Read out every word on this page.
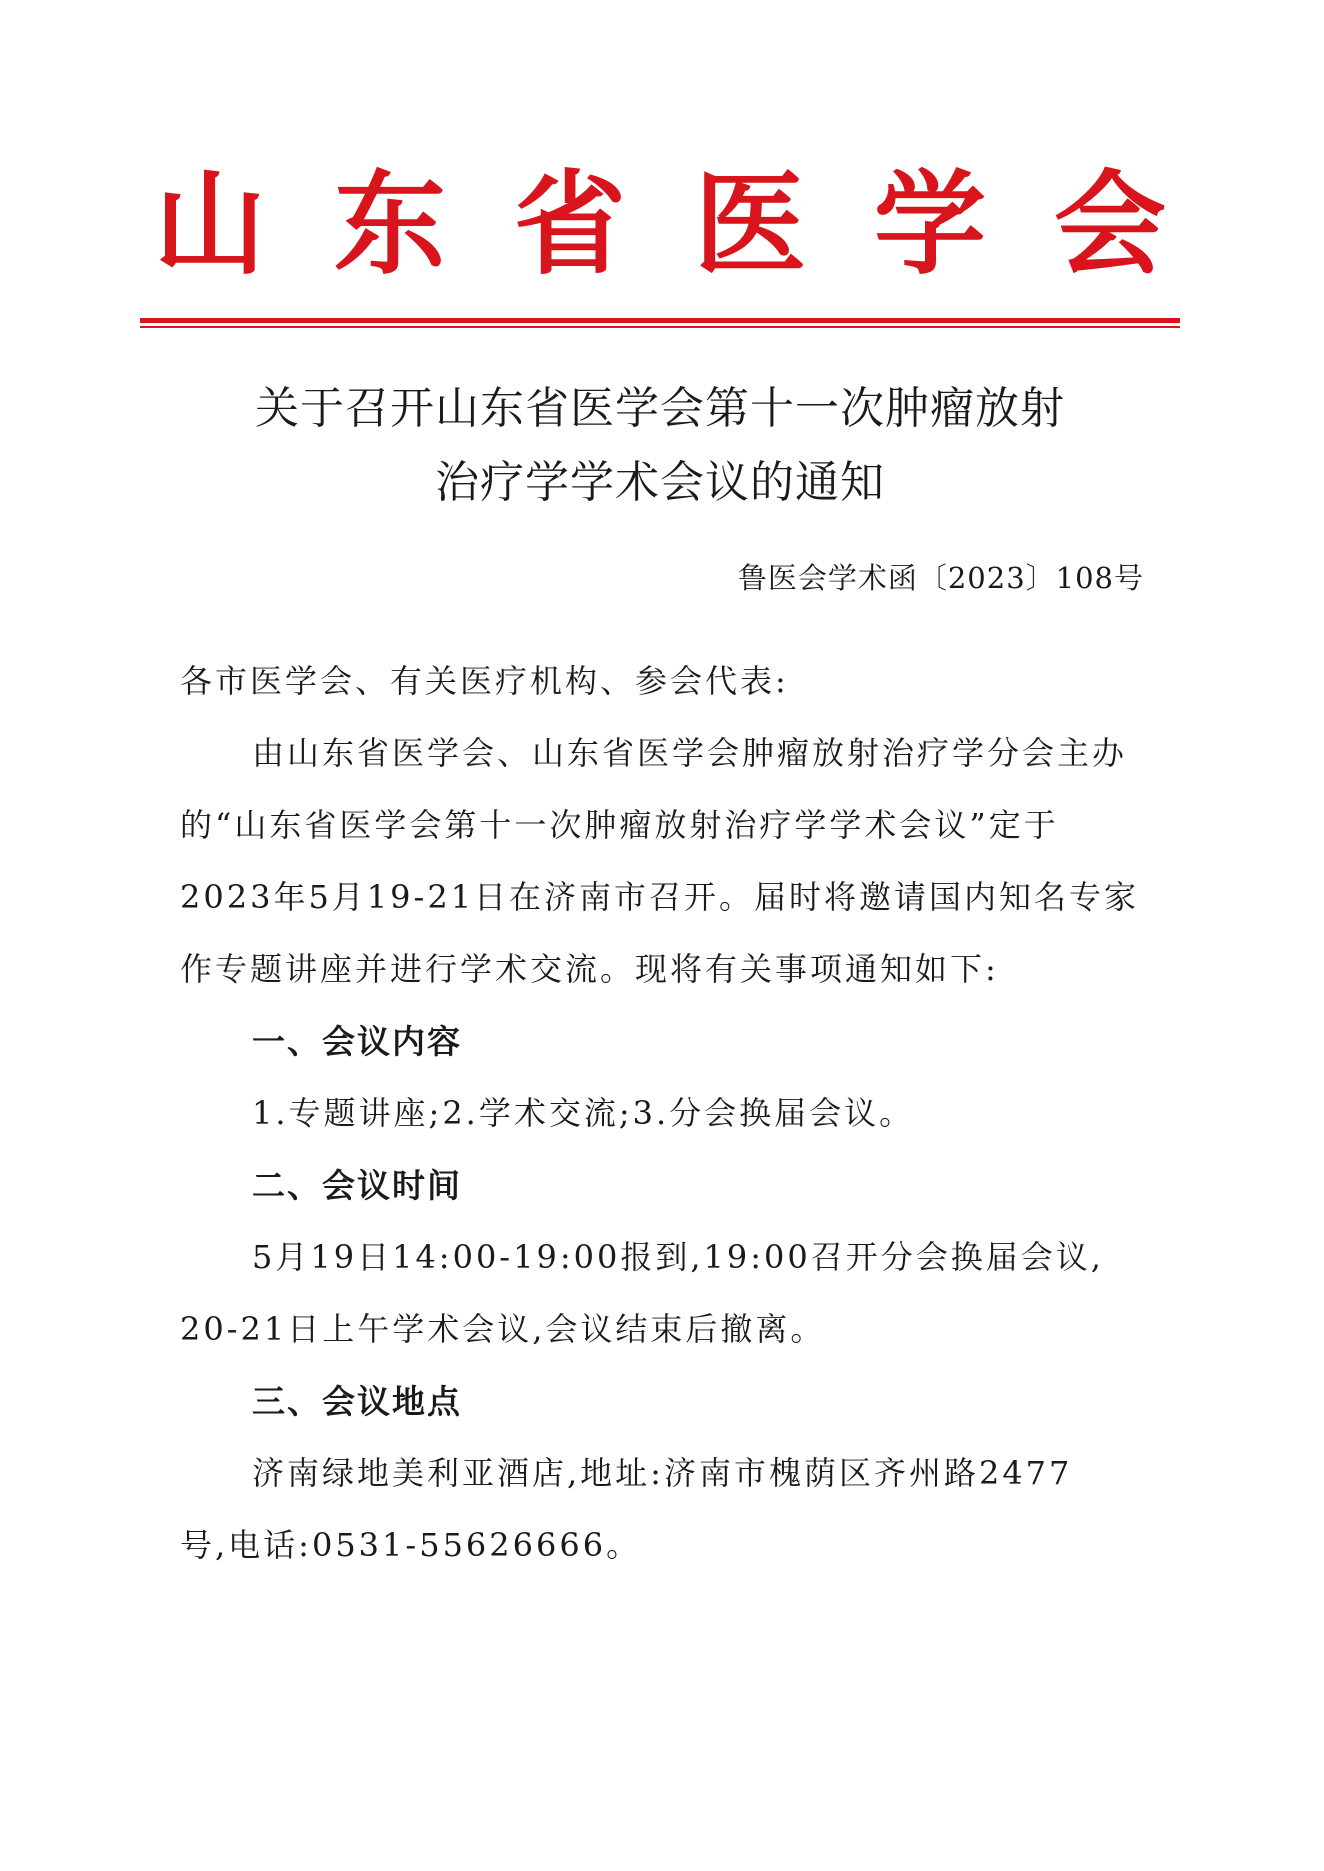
山 东 省 医 学 会
关于召开山东省医学会第十一次肿瘤放射
治疗学学术会议的通知
鲁医会学术函〔2023〕108号
各市医学会、有关医疗机构、参会代表:
由山东省医学会、山东省医学会肿瘤放射治疗学分会主办
的“山东省医学会第十一次肿瘤放射治疗学学术会议”定于
2023年5月19-21日在济南市召开。届时将邀请国内知名专家
作专题讲座并进行学术交流。现将有关事项通知如下:
一、会议内容
1.专题讲座;2.学术交流;3.分会换届会议。
二、会议时间
5月19日14:00-19:00报到,19:00召开分会换届会议,
20-21日上午学术会议,会议结束后撤离。
三、会议地点
济南绿地美利亚酒店,地址:济南市槐荫区齐州路2477
号,电话:0531-55626666。
